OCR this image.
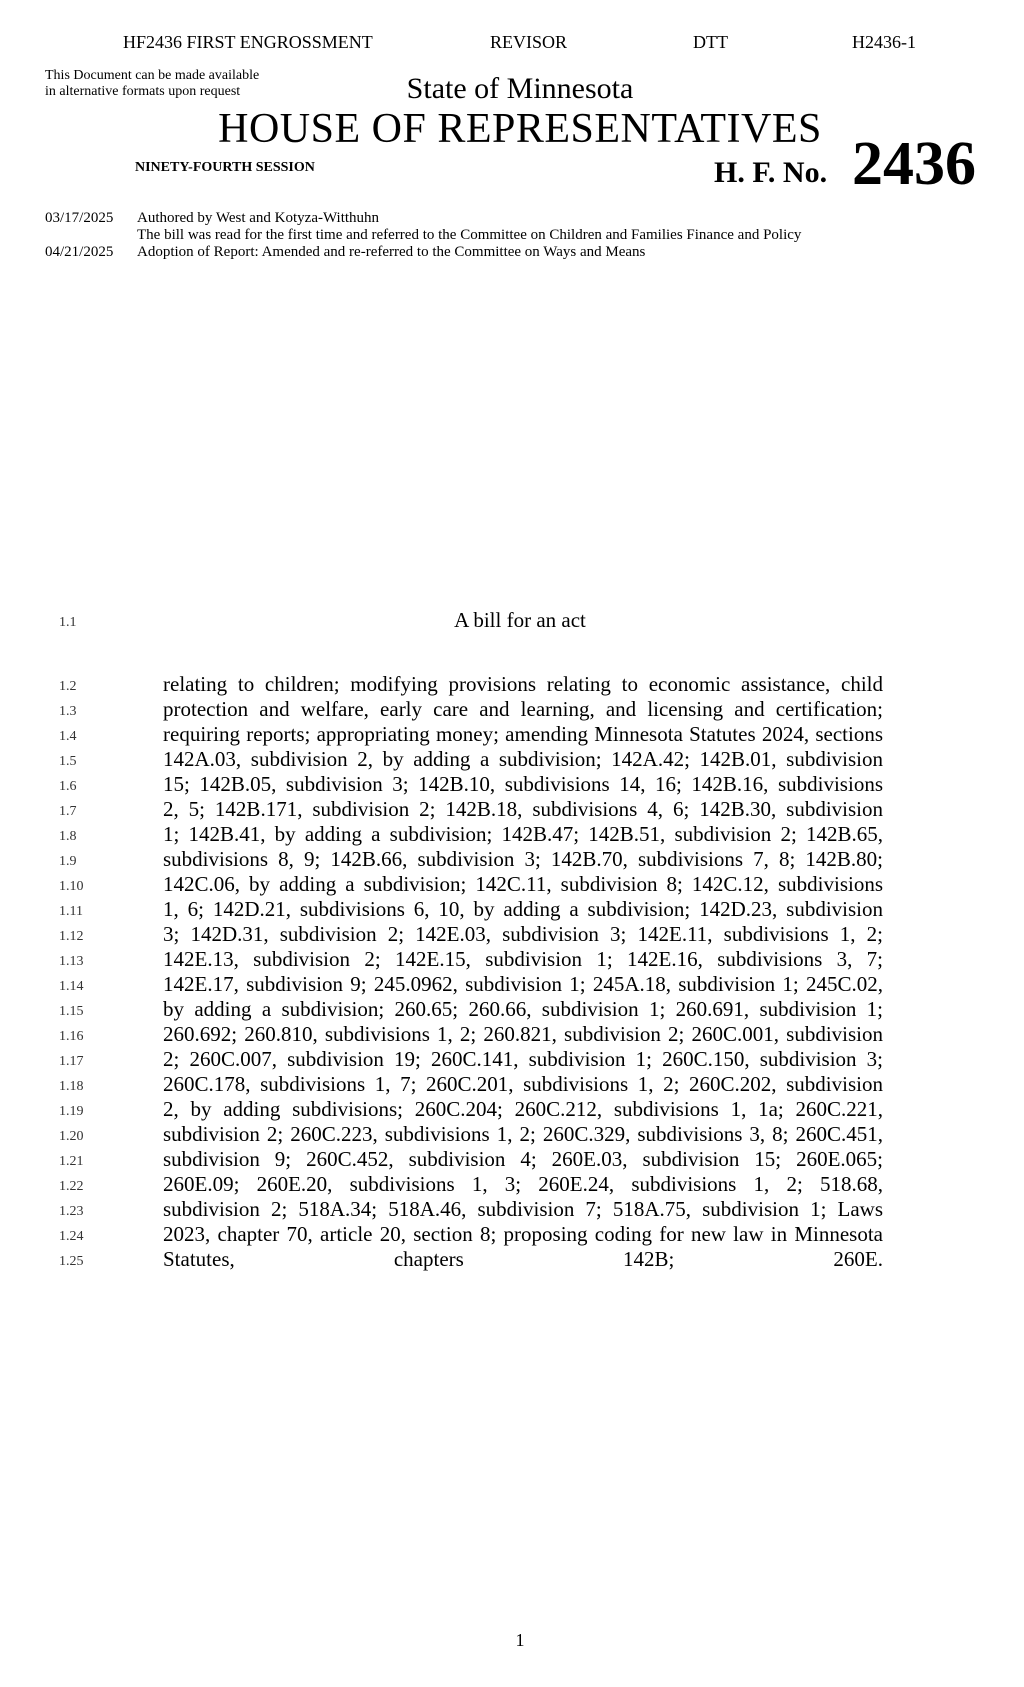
HF2436 FIRST ENGROSSMENT	REVISOR	DTT	H2436-1
This Document can be made available
in alternative formats upon request	State of Minnesota
HOUSE OF REPRESENTATIVES
NINETY-FOURTH SESSION	H. F. No. 2436
03/17/2025 Authored by West and Kotyza-Witthuhn
The bill was read for the first time and referred to the Committee on Children and Families Finance and Policy
04/21/2025 Adoption of Report: Amended and re-referred to the Committee on Ways and Means
1.1	A bill for an act
1.2	relating to children; modifying provisions relating to economic assistance, child
1.3	protection and welfare, early care and learning, and licensing and certification;
1.4	requiring reports; appropriating money; amending Minnesota Statutes 2024, sections
1.5	142A.03, subdivision 2, by adding a subdivision; 142A.42; 142B.01, subdivision
1.6	15; 142B.05, subdivision 3; 142B.10, subdivisions 14, 16; 142B.16, subdivisions
1.7	2, 5; 142B.171, subdivision 2; 142B.18, subdivisions 4, 6; 142B.30, subdivision
1.8	1; 142B.41, by adding a subdivision; 142B.47; 142B.51, subdivision 2; 142B.65,
1.9	subdivisions 8, 9; 142B.66, subdivision 3; 142B.70, subdivisions 7, 8; 142B.80;
1.10	142C.06, by adding a subdivision; 142C.11, subdivision 8; 142C.12, subdivisions
1.11	1, 6; 142D.21, subdivisions 6, 10, by adding a subdivision; 142D.23, subdivision
1.12	3; 142D.31, subdivision 2; 142E.03, subdivision 3; 142E.11, subdivisions 1, 2;
1.13	142E.13, subdivision 2; 142E.15, subdivision 1; 142E.16, subdivisions 3, 7;
1.14	142E.17, subdivision 9; 245.0962, subdivision 1; 245A.18, subdivision 1; 245C.02,
1.15	by adding a subdivision; 260.65; 260.66, subdivision 1; 260.691, subdivision 1;
1.16	260.692; 260.810, subdivisions 1, 2; 260.821, subdivision 2; 260C.001, subdivision
1.17	2; 260C.007, subdivision 19; 260C.141, subdivision 1; 260C.150, subdivision 3;
1.18	260C.178, subdivisions 1, 7; 260C.201, subdivisions 1, 2; 260C.202, subdivision
1.19	2, by adding subdivisions; 260C.204; 260C.212, subdivisions 1, 1a; 260C.221,
1.20	subdivision 2; 260C.223, subdivisions 1, 2; 260C.329, subdivisions 3, 8; 260C.451,
1.21	subdivision 9; 260C.452, subdivision 4; 260E.03, subdivision 15; 260E.065;
1.22	260E.09; 260E.20, subdivisions 1, 3; 260E.24, subdivisions 1, 2; 518.68,
1.23	subdivision 2; 518A.34; 518A.46, subdivision 7; 518A.75, subdivision 1; Laws
1.24	2023, chapter 70, article 20, section 8; proposing coding for new law in Minnesota
1.25	Statutes, chapters 142B; 260E.
1
